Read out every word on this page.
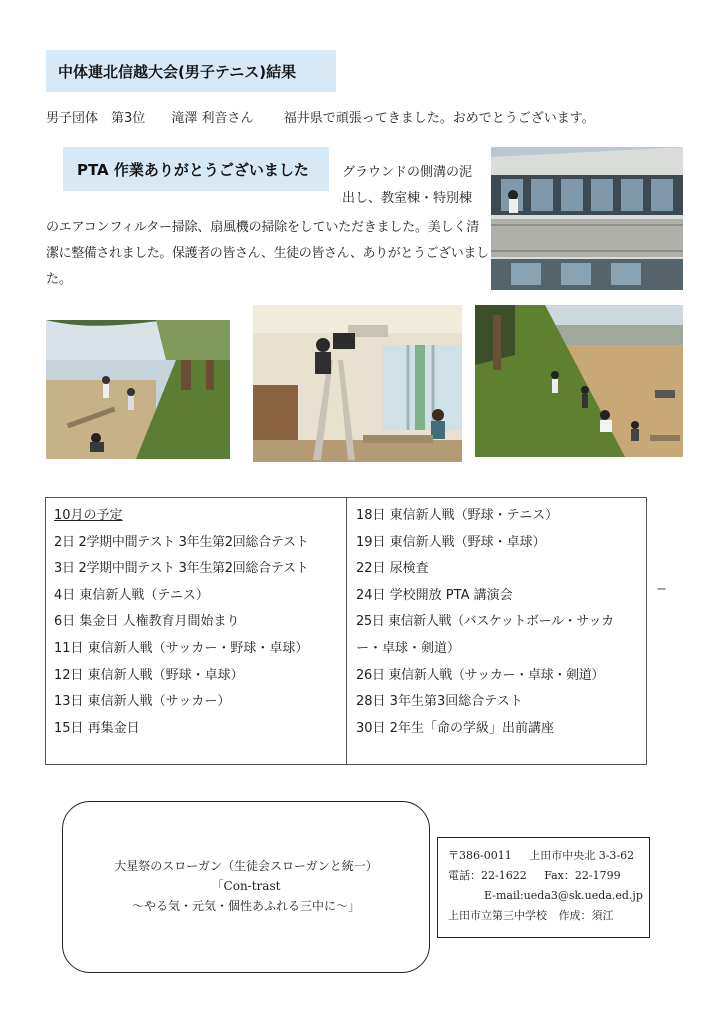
中体連北信越大会(男子テニス)結果
男子団体　第3位 滝澤 利音さん 福井県で頑張ってきました。おめでとうございます。
PTA 作業ありがとうございました	グラウンドの側溝の泥
出し、教室棟・特別棟
のエアコンフィルター掃除、扇風機の掃除をしていただきました。美しく清
潔に整備されました。保護者の皆さん、生徒の皆さん、ありがとうございまし
た。
10月の予定
2日 2学期中間テスト 3年生第2回総合テスト
3日 2学期中間テスト 3年生第2回総合テスト
4日 東信新人戦（テニス）
6日 集金日 人権教育月間始まり
11日 東信新人戦（サッカー・野球・卓球）
12日 東信新人戦（野球・卓球）
13日 東信新人戦（サッカー）
15日 再集金日
18日 東信新人戦（野球・テニス）
19日 東信新人戦（野球・卓球）
22日 尿検査
24日 学校開放 PTA 講演会
25日 東信新人戦（バスケットボール・サッカ
ー・卓球・剣道）
26日 東信新人戦（サッカー・卓球・剣道）
28日 3年生第3回総合テスト
30日 2年生「命の学級」出前講座
−
大星祭のスローガン（生徒会スローガンと統一）
「Con-trast
～やる気・元気・個性あふれる三中に～」
〒386-0011 上田市中央北 3-3-62
電話：22-1622 Fax：22-1799
E-mail:ueda3@sk.ueda.ed.jp
上田市立第三中学校 作成：須江
